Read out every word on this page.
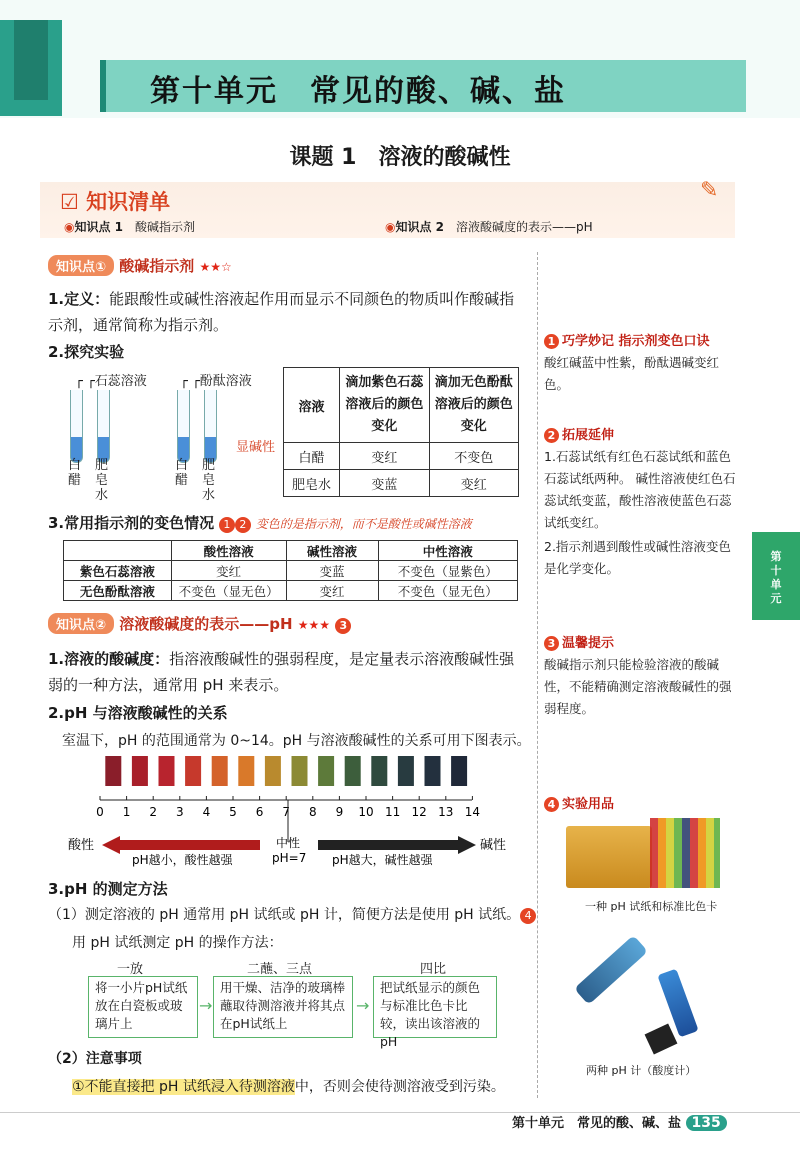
第十单元　常见的酸、碱、盐
课题 1　溶液的酸碱性
☑ 知识清单
◉知识点 1　 酸碱指示剂	◉知识点 2　 溶液酸碱度的表示——pH
✎
知识点① 酸碱指示剂 ★★☆
1.定义：能跟酸性或碱性溶液起作用而显示不同颜色的物质叫作酸碱指示剂，通常简称为指示剂。
2.探究实验
┌ ┌石蕊溶液	┌ ┌酚酞溶液
白醋
肥皂水
白醋
肥皂水
显碱性
溶液	滴加紫色石蕊溶液后的颜色变化	滴加无色酚酞溶液后的颜色变化
白醋	变红	不变色
肥皂水	变蓝	变红
3.常用指示剂的变色情况 1 2 变色的是指示剂，而不是酸性或碱性溶液
	酸性溶液	碱性溶液	中性溶液
紫色石蕊溶液	变红	变蓝	不变色（显紫色）
无色酚酞溶液	不变色（显无色）	变红	不变色（显无色）
知识点② 溶液酸碱度的表示——pH ★★★ 3
1.溶液的酸碱度：指溶液酸碱性的强弱程度，是定量表示溶液酸碱性强弱的一种方法，通常用 pH 来表示。
2.pH 与溶液酸碱性的关系
室温下，pH 的范围通常为 0~14。pH 与溶液酸碱性的关系可用下图表示。
0 1 2 3 4 5 6 7 8 9 10 11 12 13 14
酸性	碱性
中性
pH=7
pH越小，酸性越强	pH越大，碱性越强
3.pH 的测定方法
（1）测定溶液的 pH 通常用 pH 试纸或 pH 计，简便方法是使用 pH 试纸。 4
用 pH 试纸测定 pH 的操作方法：
一放	二蘸、三点	四比
将一小片pH试纸放在白瓷板或玻璃片上
→
用干燥、洁净的玻璃棒蘸取待测溶液并将其点在pH试纸上
→
把试纸显示的颜色与标准比色卡比较，读出该溶液的pH
（2）注意事项
①不能直接把 pH 试纸浸入待测溶液中，否则会使待测溶液受到污染。
1 巧学妙记 指示剂变色口诀
酸红碱蓝中性紫，酚酞遇碱变红色。
2 拓展延伸
1.石蕊试纸有红色石蕊试纸和蓝色石蕊试纸两种。 碱性溶液使红色石蕊试纸变蓝，酸性溶液使蓝色石蕊试纸变红。
2.指示剂遇到酸性或碱性溶液变色是化学变化。
3 温馨提示
酸碱指示剂只能检验溶液的酸碱性，不能精确测定溶液酸碱性的强弱程度。
4 实验用品
一种 pH 试纸和标准比色卡
两种 pH 计（酸度计）
第十单元
第十单元　常见的酸、碱、盐 135
